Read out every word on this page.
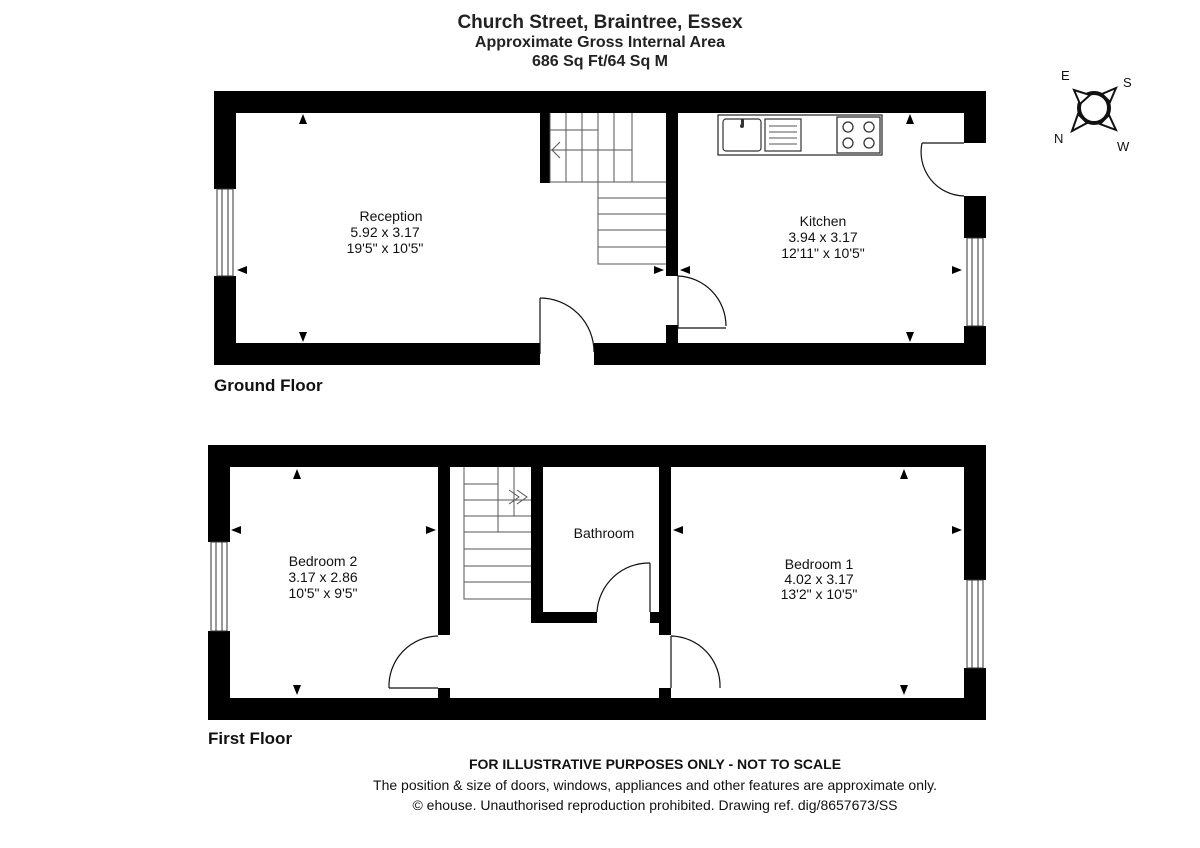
Church Street, Braintree, Essex
Approximate Gross Internal Area
686 Sq Ft/64 Sq M
E	S
N
W
Reception
5.92 x 3.17
19'5" x 10'5"
Kitchen
3.94 x 3.17
12'11" x 10'5"
Bedroom 2
3.17 x 2.86
10'5" x 9'5"
Bathroom
Bedroom 1
4.02 x 3.17
13'2" x 10'5"
Ground Floor
First Floor
FOR ILLUSTRATIVE PURPOSES ONLY - NOT TO SCALE
The position & size of doors, windows, appliances and other features are approximate only.
© ehouse. Unauthorised reproduction prohibited. Drawing ref. dig/8657673/SS
